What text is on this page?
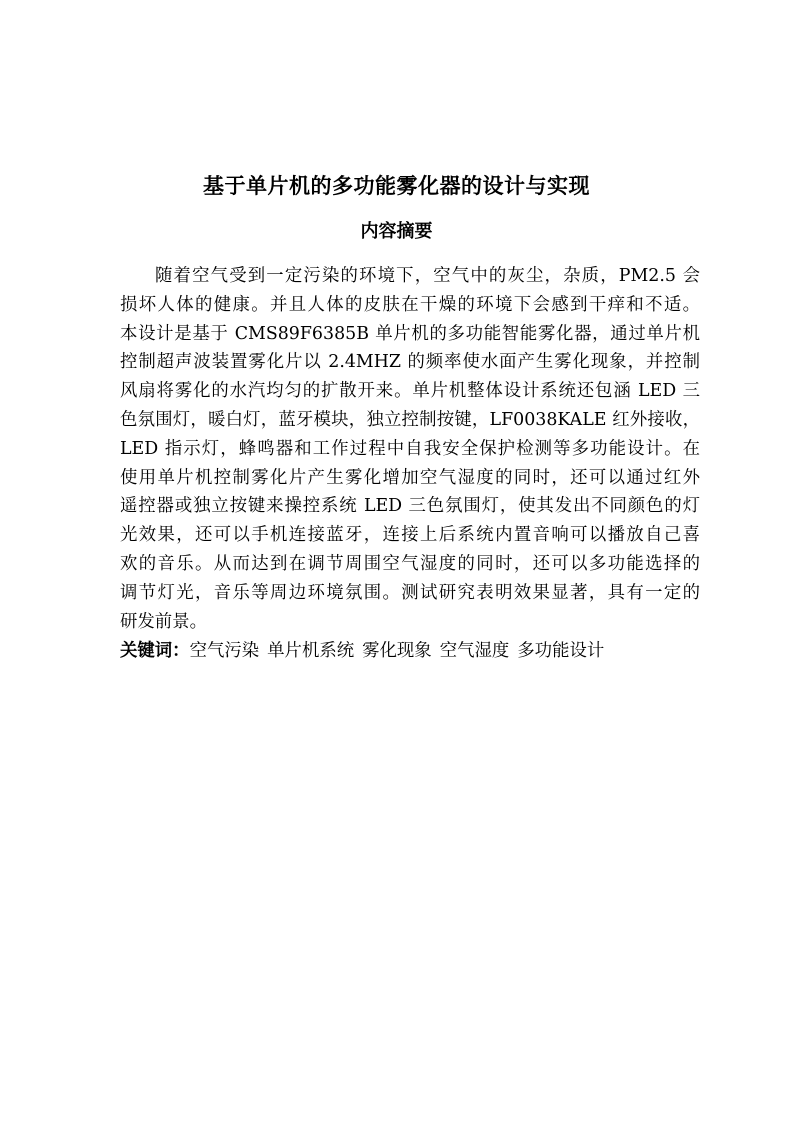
基于单片机的多功能雾化器的设计与实现
内容摘要
随着空气受到一定污染的环境下，空气中的灰尘，杂质，PM2.5 会
损坏人体的健康。并且人体的皮肤在干燥的环境下会感到干痒和不适。
本设计是基于 CMS89F6385B 单片机的多功能智能雾化器，通过单片机
控制超声波装置雾化片以 2.4MHZ 的频率使水面产生雾化现象，并控制
风扇将雾化的水汽均匀的扩散开来。单片机整体设计系统还包涵 LED 三
色氛围灯，暖白灯，蓝牙模块，独立控制按键，LF0038KALE 红外接收，
LED 指示灯，蜂鸣器和工作过程中自我安全保护检测等多功能设计。在
使用单片机控制雾化片产生雾化增加空气湿度的同时，还可以通过红外
遥控器或独立按键来操控系统 LED 三色氛围灯，使其发出不同颜色的灯
光效果，还可以手机连接蓝牙，连接上后系统内置音响可以播放自己喜
欢的音乐。从而达到在调节周围空气湿度的同时，还可以多功能选择的
调节灯光，音乐等周边环境氛围。测试研究表明效果显著，具有一定的
研发前景。
关键词：空气污染 单片机系统 雾化现象 空气湿度 多功能设计
